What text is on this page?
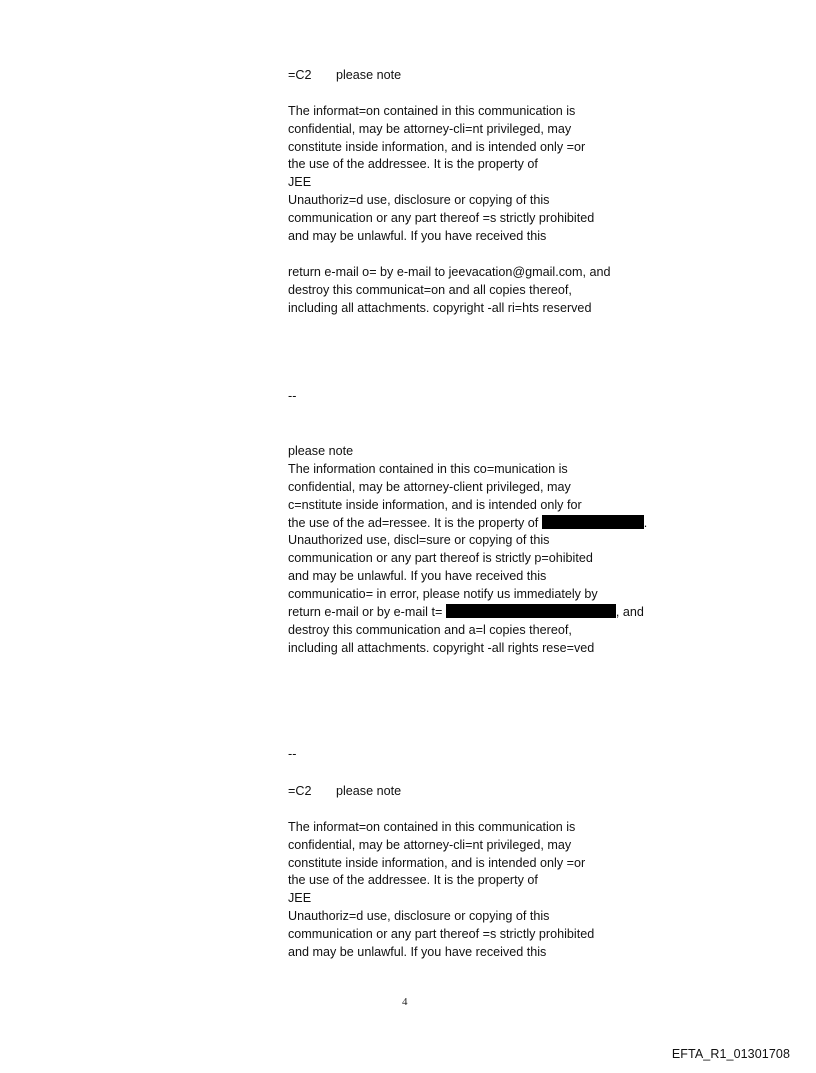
=C2 please note
The informat=on contained in this communication is
confidential, may be attorney-cli=nt privileged, may
constitute inside information, and is intended only =or
the use of the addressee. It is the property of
JEE
Unauthoriz=d use, disclosure or copying of this
communication or any part thereof =s strictly prohibited
and may be unlawful. If you have received this
return e-mail o= by e-mail to jeevacation@gmail.com, and
destroy this communicat=on and all copies thereof,
including all attachments. copyright -all ri=hts reserved
--
please note
The information contained in this co=munication is
confidential, may be attorney-client privileged, may
c=nstitute inside information, and is intended only for
the use of the ad=ressee. It is the property of	.
Unauthorized use, discl=sure or copying of this
communication or any part thereof is strictly p=ohibited
and may be unlawful. If you have received this
communicatio= in error, please notify us immediately by
return e-mail or by e-mail t=	, and
destroy this communication and a=l copies thereof,
including all attachments. copyright -all rights rese=ved
--
=C2 please note
The informat=on contained in this communication is
confidential, may be attorney-cli=nt privileged, may
constitute inside information, and is intended only =or
the use of the addressee. It is the property of
JEE
Unauthoriz=d use, disclosure or copying of this
communication or any part thereof =s strictly prohibited
and may be unlawful. If you have received this
4
EFTA_R1_01301708
